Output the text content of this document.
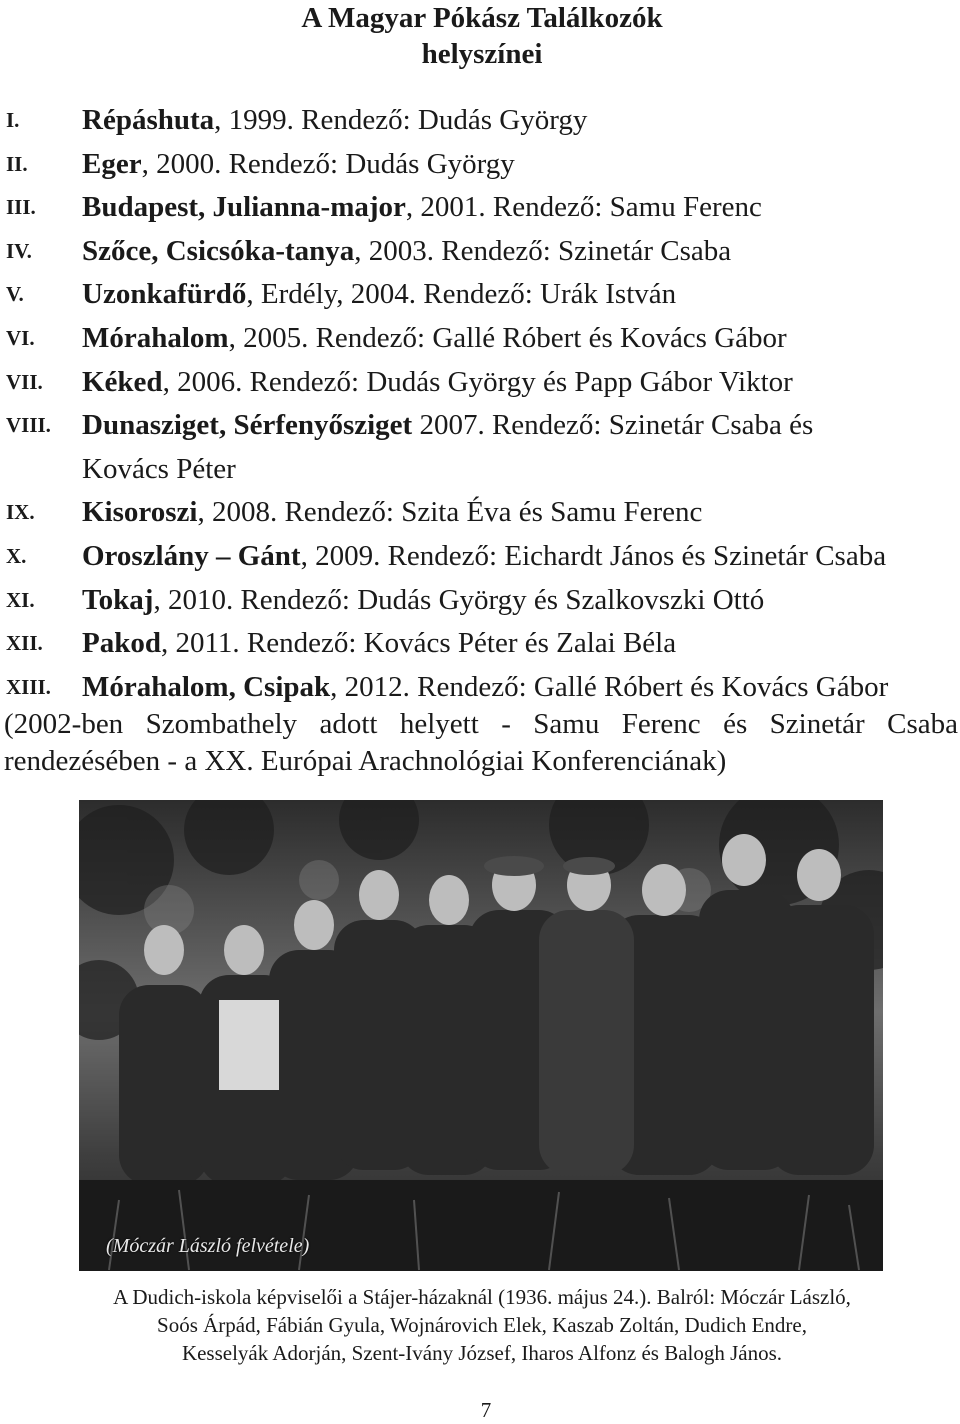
A Magyar Pókász Találkozók
helyszínei
I. Répáshuta, 1999. Rendező: Dudás György
II. Eger, 2000. Rendező: Dudás György
III. Budapest, Julianna-major, 2001. Rendező: Samu Ferenc
IV. Szőce, Csicsóka-tanya, 2003. Rendező: Szinetár Csaba
V. Uzonkafürdő, Erdély, 2004. Rendező: Urák István
VI. Mórahalom, 2005. Rendező: Gallé Róbert és Kovács Gábor
VII. Kéked, 2006. Rendező: Dudás György és Papp Gábor Viktor
VIII. Dunasziget, Sérfenyősziget 2007. Rendező: Szinetár Csaba és
Kovács Péter
IX. Kisoroszi, 2008. Rendező: Szita Éva és Samu Ferenc
X. Oroszlány – Gánt, 2009. Rendező: Eichardt János és Szinetár Csaba
XI. Tokaj, 2010. Rendező: Dudás György és Szalkovszki Ottó
XII. Pakod, 2011. Rendező: Kovács Péter és Zalai Béla
XIII. Mórahalom, Csipak, 2012. Rendező: Gallé Róbert és Kovács Gábor
(2002-ben Szombathely adott helyett - Samu Ferenc és Szinetár Csaba rendezésében - a XX. Európai Arachnológiai Konferenciának)
(Móczár László felvétele)
A Dudich-iskola képviselői a Stájer-házaknál (1936. május 24.). Balról: Móczár László,
Soós Árpád, Fábián Gyula, Wojnárovich Elek, Kaszab Zoltán, Dudich Endre,
Kesselyák Adorján, Szent-Ivány József, Iharos Alfonz és Balogh János.
7
